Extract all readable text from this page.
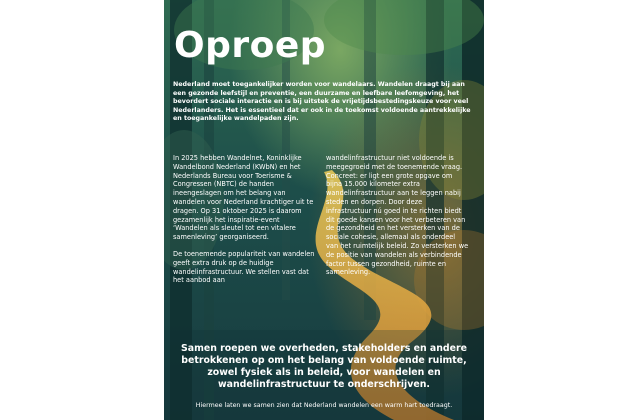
Oproep

Nederland moet toegankelijker worden voor wandelaars. Wandelen draagt bij aan een gezonde leefstijl en preventie, een duurzame en leefbare leefomgeving, het bevordert sociale interactie en is bij uitstek de vrijetijdsbestedingskeuze voor veel Nederlanders. Het is essentieel dat er ook in de toekomst voldoende aantrekkelijke en toegankelijke wandelpaden zijn.

In 2025 hebben Wandelnet, Koninklijke Wandelbond Nederland (KWbN) en het Nederlands Bureau voor Toerisme & Congressen (NBTC) de handen ineengeslagen om het belang van wandelen voor Nederland krachtiger uit te dragen. Op 31 oktober 2025 is daarom gezamenlijk het inspiratie-event ‘Wandelen als sleutel tot een vitalere samenleving’ georganiseerd.

De toenemende populariteit van wandelen geeft extra druk op de huidige wandelinfrastructuur. We stellen vast dat het aanbod aan

wandelinfrastructuur niet voldoende is meegegroeid met de toenemende vraag. Concreet: er ligt een grote opgave om bijna 15.000 kilometer extra wandelinfrastructuur aan te leggen nabij steden en dorpen. Door deze infrastructuur nú goed in te richten biedt dit goede kansen voor het verbeteren van de gezondheid en het versterken van de sociale cohesie, allemaal als onderdeel van het ruimtelijk beleid. Zo versterken we de positie van wandelen als verbindende factor tussen gezondheid, ruimte en samenleving.

Samen roepen we overheden, stakeholders en andere betrokkenen op om het belang van voldoende ruimte, zowel fysiek als in beleid, voor wandelen en wandelinfrastructuur te onderschrijven.

Hiermee laten we samen zien dat Nederland wandelen een warm hart toedraagt.
